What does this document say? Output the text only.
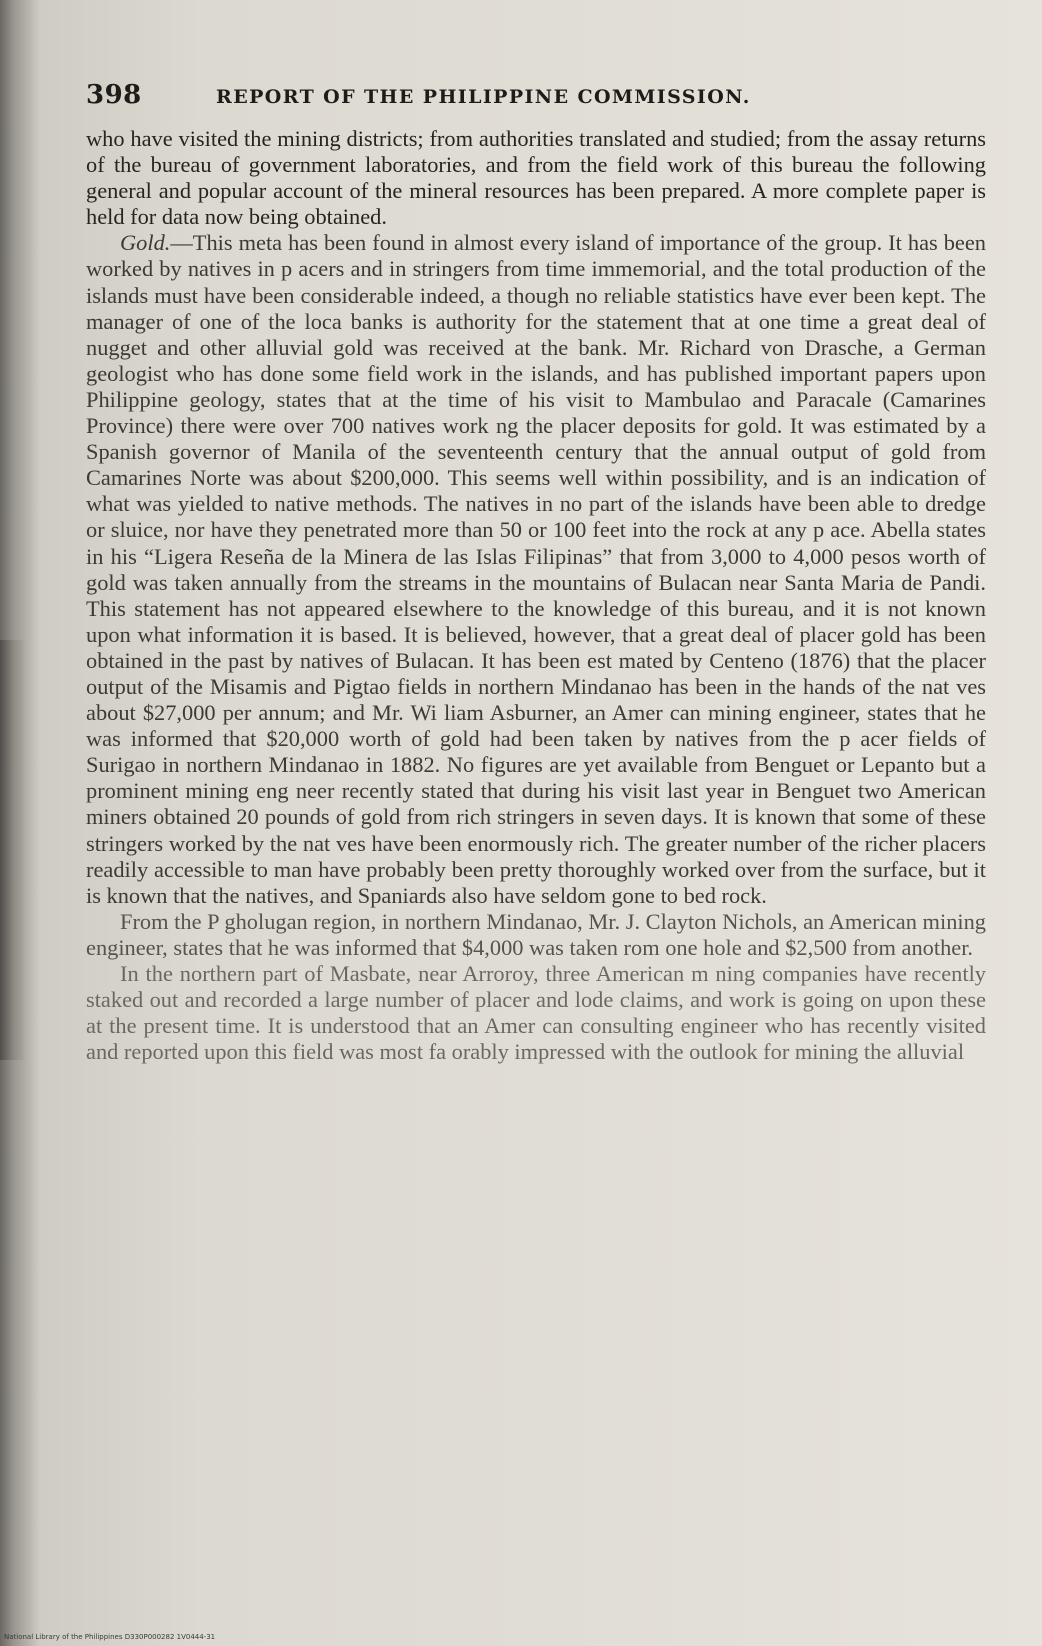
398	REPORT OF THE PHILIPPINE COMMISSION.

who have visited the mining districts; from authorities translated and studied; from the assay returns of the bureau of government laboratories, and from the field work of this bureau the following general and popular account of the mineral resources has been prepared. A more complete paper is held for data now being obtained.

Gold.—This meta has been found in almost every island of importance of the group. It has been worked by natives in p acers and in stringers from time immemorial, and the total production of the islands must have been considerable indeed, a though no reliable statistics have ever been kept. The manager of one of the loca banks is authority for the statement that at one time a great deal of nugget and other alluvial gold was received at the bank. Mr. Richard von Drasche, a German geologist who has done some field work in the islands, and has published important papers upon Philippine geology, states that at the time of his visit to Mambulao and Paracale (Camarines Province) there were over 700 natives work ng the placer deposits for gold. It was estimated by a Spanish governor of Manila of the seventeenth century that the annual output of gold from Camarines Norte was about $200,000. This seems well within possibility, and is an indication of what was yielded to native methods. The natives in no part of the islands have been able to dredge or sluice, nor have they penetrated more than 50 or 100 feet into the rock at any p ace. Abella states in his “Ligera Reseña de la Minera de las Islas Filipinas” that from 3,000 to 4,000 pesos worth of gold was taken annually from the streams in the mountains of Bulacan near Santa Maria de Pandi. This statement has not appeared elsewhere to the knowledge of this bureau, and it is not known upon what information it is based. It is believed, however, that a great deal of placer gold has been obtained in the past by natives of Bulacan. It has been est mated by Centeno (1876) that the placer output of the Misamis and Pigtao fields in northern Mindanao has been in the hands of the nat ves about $27,000 per annum; and Mr. Wi liam Asburner, an Amer can mining engineer, states that he was informed that $20,000 worth of gold had been taken by natives from the p acer fields of Surigao in northern Mindanao in 1882. No figures are yet available from Benguet or Lepanto but a prominent mining eng neer recently stated that during his visit last year in Benguet two American miners obtained 20 pounds of gold from rich stringers in seven days. It is known that some of these stringers worked by the nat ves have been enormously rich. The greater number of the richer placers readily accessible to man have probably been pretty thoroughly worked over from the surface, but it is known that the natives, and Spaniards also have seldom gone to bed rock.

From the P gholugan region, in northern Mindanao, Mr. J. Clayton Nichols, an American mining engineer, states that he was informed that $4,000 was taken rom one hole and $2,500 from another.

In the northern part of Masbate, near Arroroy, three American m ning companies have recently staked out and recorded a large number of placer and lode claims, and work is going on upon these at the present time. It is understood that an Amer can consulting engineer who has recently visited and reported upon this field was most fa orably impressed with the outlook for mining the alluvial

National Library of the Philippines D330P000282 1V0444-31
